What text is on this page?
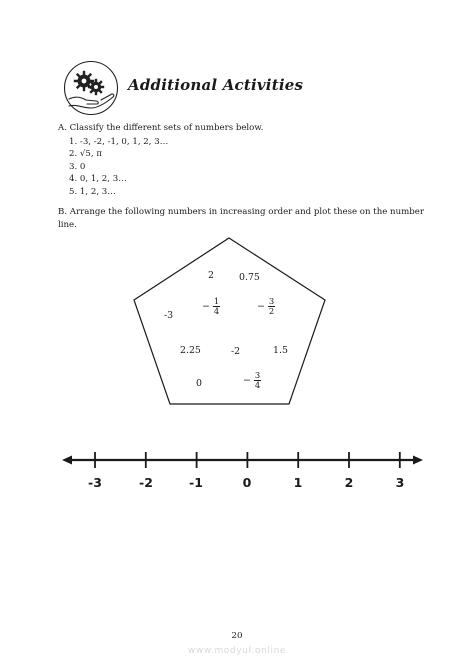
Additional Activities
A. Classify the different sets of numbers below.
1. -3, -2, -1, 0, 1, 2, 3…
2. √5, π
3. 0
4. 0, 1, 2, 3…
5. 1, 2, 3…
B. Arrange the following numbers in increasing order and plot these on the number line.
2	0.75
-3
− $\frac{1}{4}$	− $\frac{3}{2}$
2.25	-2	1.5
0	− $\frac{3}{4}$
-3	-2	-1	0	1	2	3
20
www.modyul.online
